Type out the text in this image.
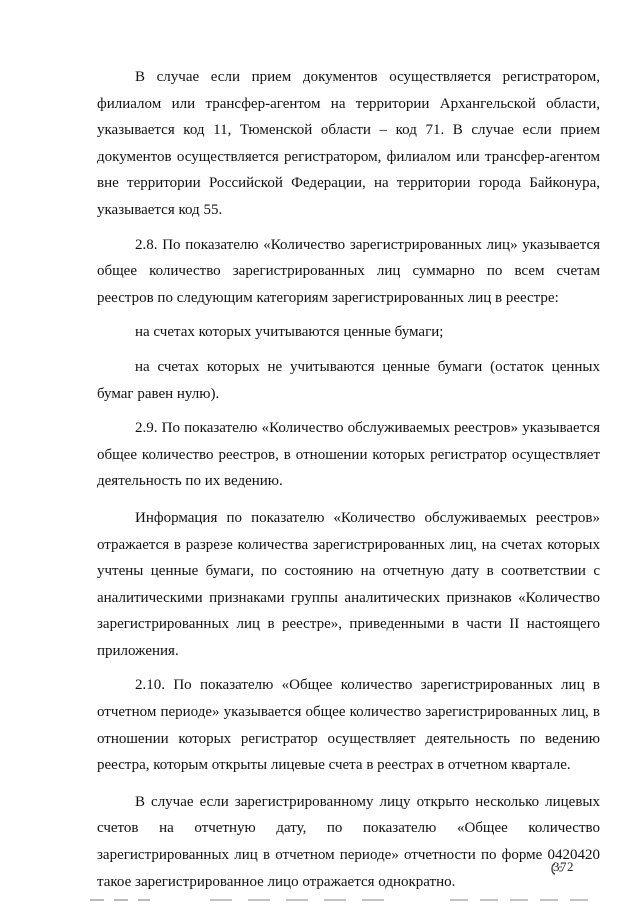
В случае если прием документов осуществляется регистратором, филиалом или трансфер-агентом на территории Архангельской области, указывается код 11, Тюменской области – код 71. В случае если прием документов осуществляется регистратором, филиалом или трансфер-агентом вне территории Российской Федерации, на территории города Байконура, указывается код 55.

2.8. По показателю «Количество зарегистрированных лиц» указывается общее количество зарегистрированных лиц суммарно по всем счетам реестров по следующим категориям зарегистрированных лиц в реестре:

на счетах которых учитываются ценные бумаги;

на счетах которых не учитываются ценные бумаги (остаток ценных бумаг равен нулю).

2.9. По показателю «Количество обслуживаемых реестров» указывается общее количество реестров, в отношении которых регистратор осуществляет деятельность по их ведению.

Информация по показателю «Количество обслуживаемых реестров» отражается в разрезе количества зарегистрированных лиц, на счетах которых учтены ценные бумаги, по состоянию на отчетную дату в соответствии с аналитическими признаками группы аналитических признаков «Количество зарегистрированных лиц в реестре», приведенными в части II настоящего приложения.

2.10. По показателю «Общее количество зарегистрированных лиц в отчетном периоде» указывается общее количество зарегистрированных лиц, в отношении которых регистратор осуществляет деятельность по ведению реестра, которым открыты лицевые счета в реестрах в отчетном квартале.

В случае если зарегистрированному лицу открыто несколько лицевых счетов на отчетную дату, по показателю «Общее количество зарегистрированных лиц в отчетном периоде» отчетности по форме 0420420 такое зарегистрированное лицо отражается однократно.

372
